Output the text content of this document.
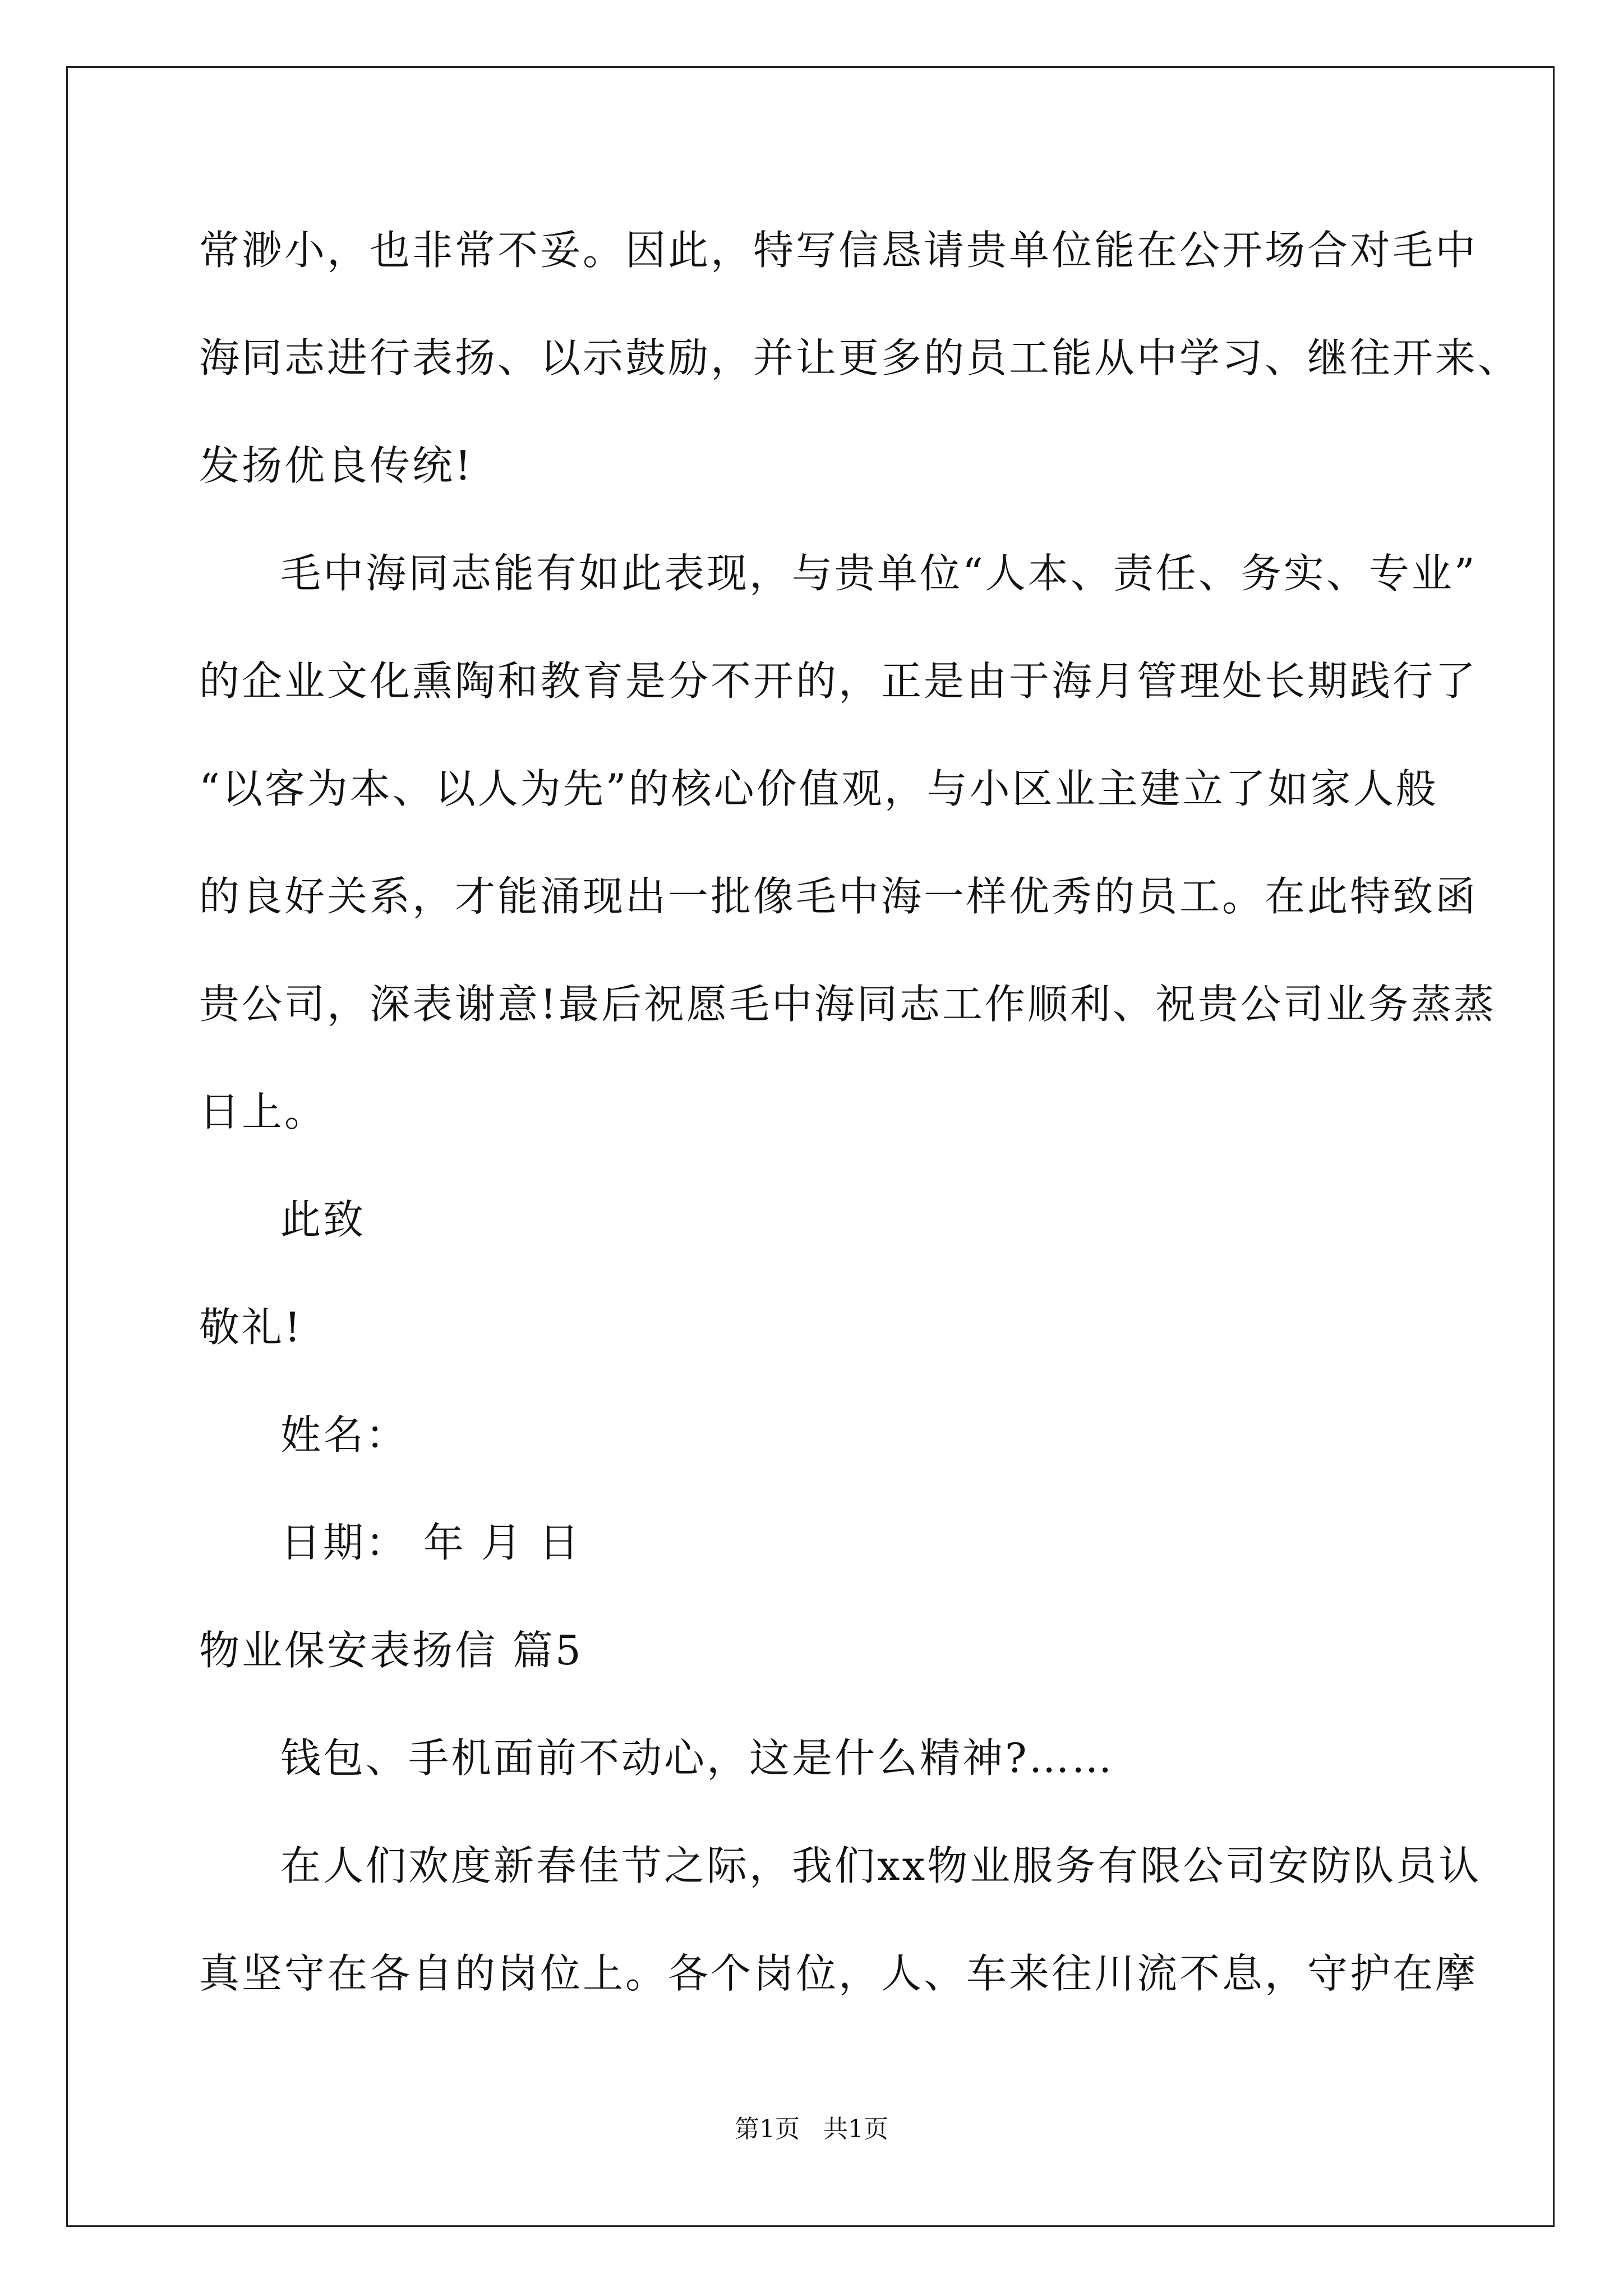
常渺小，也非常不妥。因此，特写信恳请贵单位能在公开场合对毛中
海同志进行表扬、以示鼓励，并让更多的员工能从中学习、继往开来、
发扬优良传统!
毛中海同志能有如此表现，与贵单位“人本、责任、务实、专业”
的企业文化熏陶和教育是分不开的，正是由于海月管理处长期践行了
“以客为本、以人为先”的核心价值观，与小区业主建立了如家人般
的良好关系，才能涌现出一批像毛中海一样优秀的员工。在此特致函
贵公司，深表谢意!最后祝愿毛中海同志工作顺利、祝贵公司业务蒸蒸
日上。
此致
敬礼!
姓名：
日期： 年 月 日
物业保安表扬信 篇5
钱包、手机面前不动心，这是什么精神?……
在人们欢度新春佳节之际，我们xx物业服务有限公司安防队员认
真坚守在各自的岗位上。各个岗位，人、车来往川流不息，守护在摩
第1页   共1页
